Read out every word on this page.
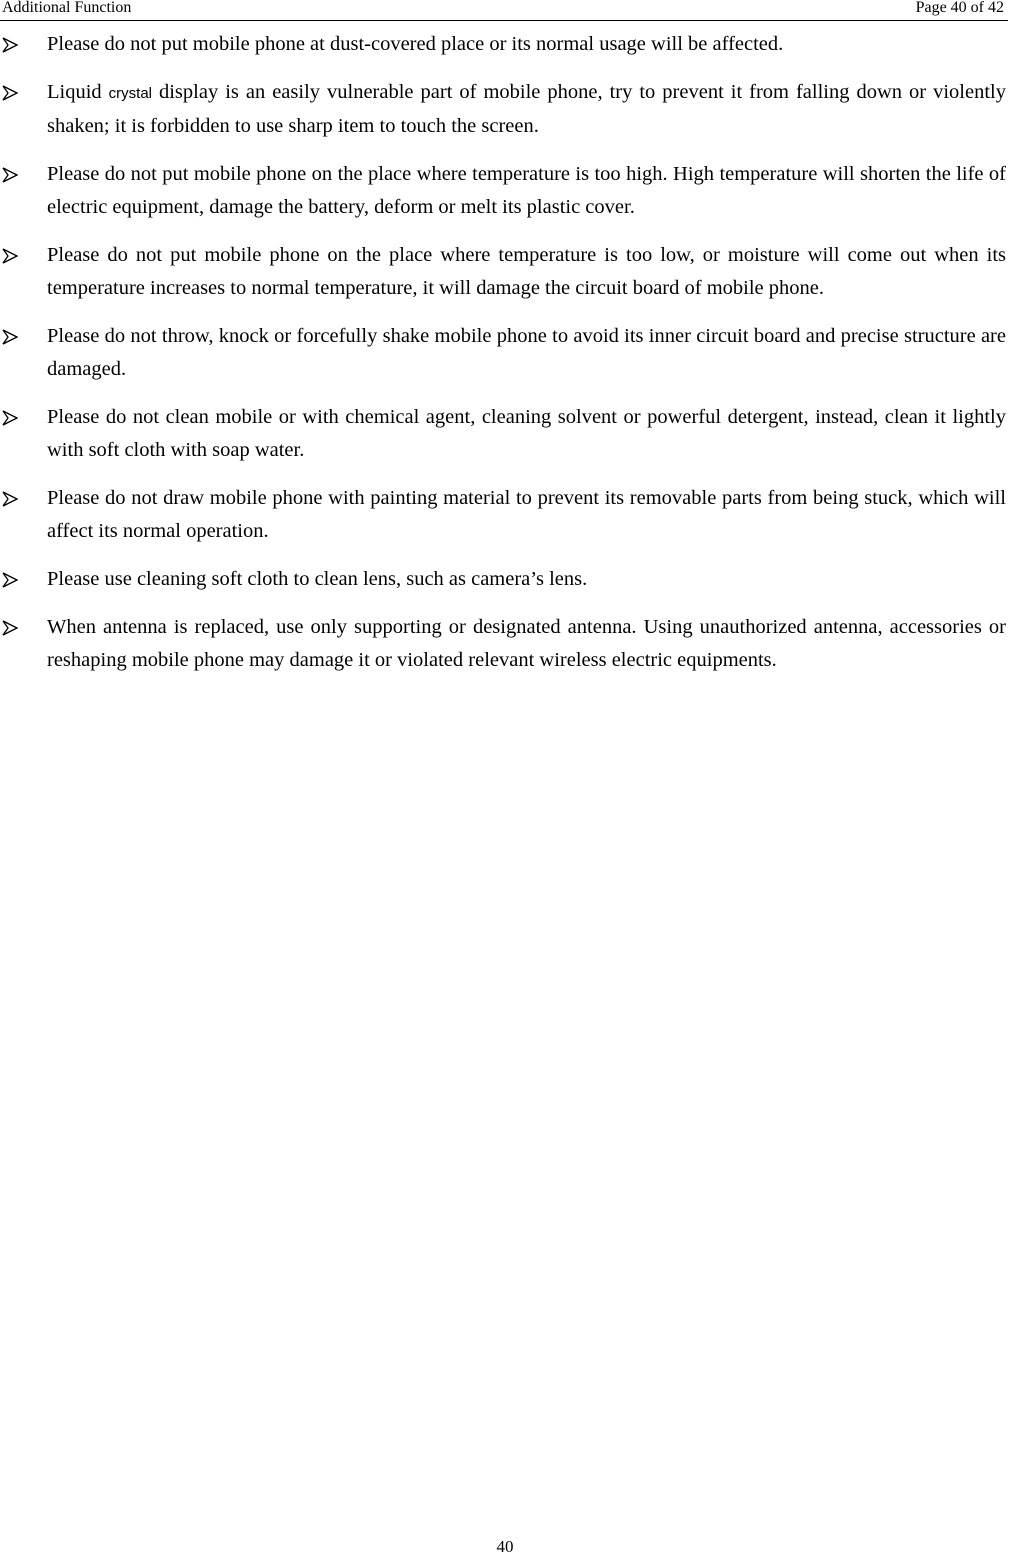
Additional Function	Page 40 of 42
Please do not put mobile phone at dust-covered place or its normal usage will be affected.
Liquid crystal display is an easily vulnerable part of mobile phone, try to prevent it from falling down or violently shaken; it is forbidden to use sharp item to touch the screen.
Please do not put mobile phone on the place where temperature is too high. High temperature will shorten the life of electric equipment, damage the battery, deform or melt its plastic cover.
Please do not put mobile phone on the place where temperature is too low, or moisture will come out when its temperature increases to normal temperature, it will damage the circuit board of mobile phone.
Please do not throw, knock or forcefully shake mobile phone to avoid its inner circuit board and precise structure are damaged.
Please do not clean mobile or with chemical agent, cleaning solvent or powerful detergent, instead, clean it lightly with soft cloth with soap water.
Please do not draw mobile phone with painting material to prevent its removable parts from being stuck, which will affect its normal operation.
Please use cleaning soft cloth to clean lens, such as camera’s lens.
When antenna is replaced, use only supporting or designated antenna. Using unauthorized antenna, accessories or reshaping mobile phone may damage it or violated relevant wireless electric equipments.
40
